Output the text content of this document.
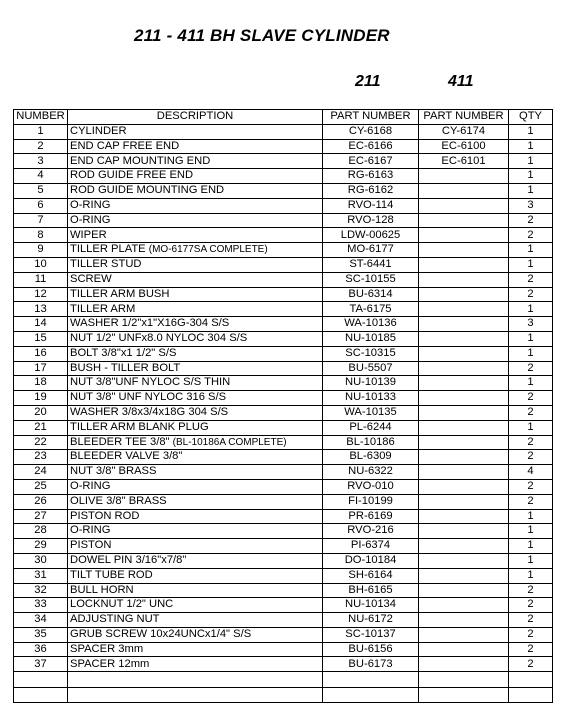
211 - 411 BH SLAVE CYLINDER
211	411
NUMBER	DESCRIPTION	PART NUMBER	PART NUMBER	QTY
1	CYLINDER	CY-6168	CY-6174	1
2	END CAP FREE END	EC-6166	EC-6100	1
3	END CAP MOUNTING END	EC-6167	EC-6101	1
4	ROD GUIDE FREE END	RG-6163		1
5	ROD GUIDE MOUNTING END	RG-6162		1
6	O-RING	RVO-114		3
7	O-RING	RVO-128		2
8	WIPER	LDW-00625		2
9	TILLER PLATE (MO-6177SA COMPLETE)	MO-6177		1
10	TILLER STUD	ST-6441		1
11	SCREW	SC-10155		2
12	TILLER ARM BUSH	BU-6314		2
13	TILLER ARM	TA-6175		1
14	WASHER 1/2"x1"X16G-304 S/S	WA-10136		3
15	NUT 1/2" UNFx8.0 NYLOC 304 S/S	NU-10185		1
16	BOLT 3/8"x1 1/2" S/S	SC-10315		1
17	BUSH - TILLER BOLT	BU-5507		2
18	NUT 3/8"UNF NYLOC S/S THIN	NU-10139		1
19	NUT 3/8" UNF NYLOC 316 S/S	NU-10133		2
20	WASHER 3/8x3/4x18G 304 S/S	WA-10135		2
21	TILLER ARM BLANK PLUG	PL-6244		1
22	BLEEDER TEE 3/8" (BL-10186A COMPLETE)	BL-10186		2
23	BLEEDER VALVE 3/8"	BL-6309		2
24	NUT 3/8" BRASS	NU-6322		4
25	O-RING	RVO-010		2
26	OLIVE 3/8" BRASS	FI-10199		2
27	PISTON ROD	PR-6169		1
28	O-RING	RVO-216		1
29	PISTON	PI-6374		1
30	DOWEL PIN 3/16"x7/8"	DO-10184		1
31	TILT TUBE ROD	SH-6164		1
32	BULL HORN	BH-6165		2
33	LOCKNUT 1/2" UNC	NU-10134		2
34	ADJUSTING NUT	NU-6172		2
35	GRUB SCREW 10x24UNCx1/4" S/S	SC-10137		2
36	SPACER 3mm	BU-6156		2
37	SPACER 12mm	BU-6173		2
